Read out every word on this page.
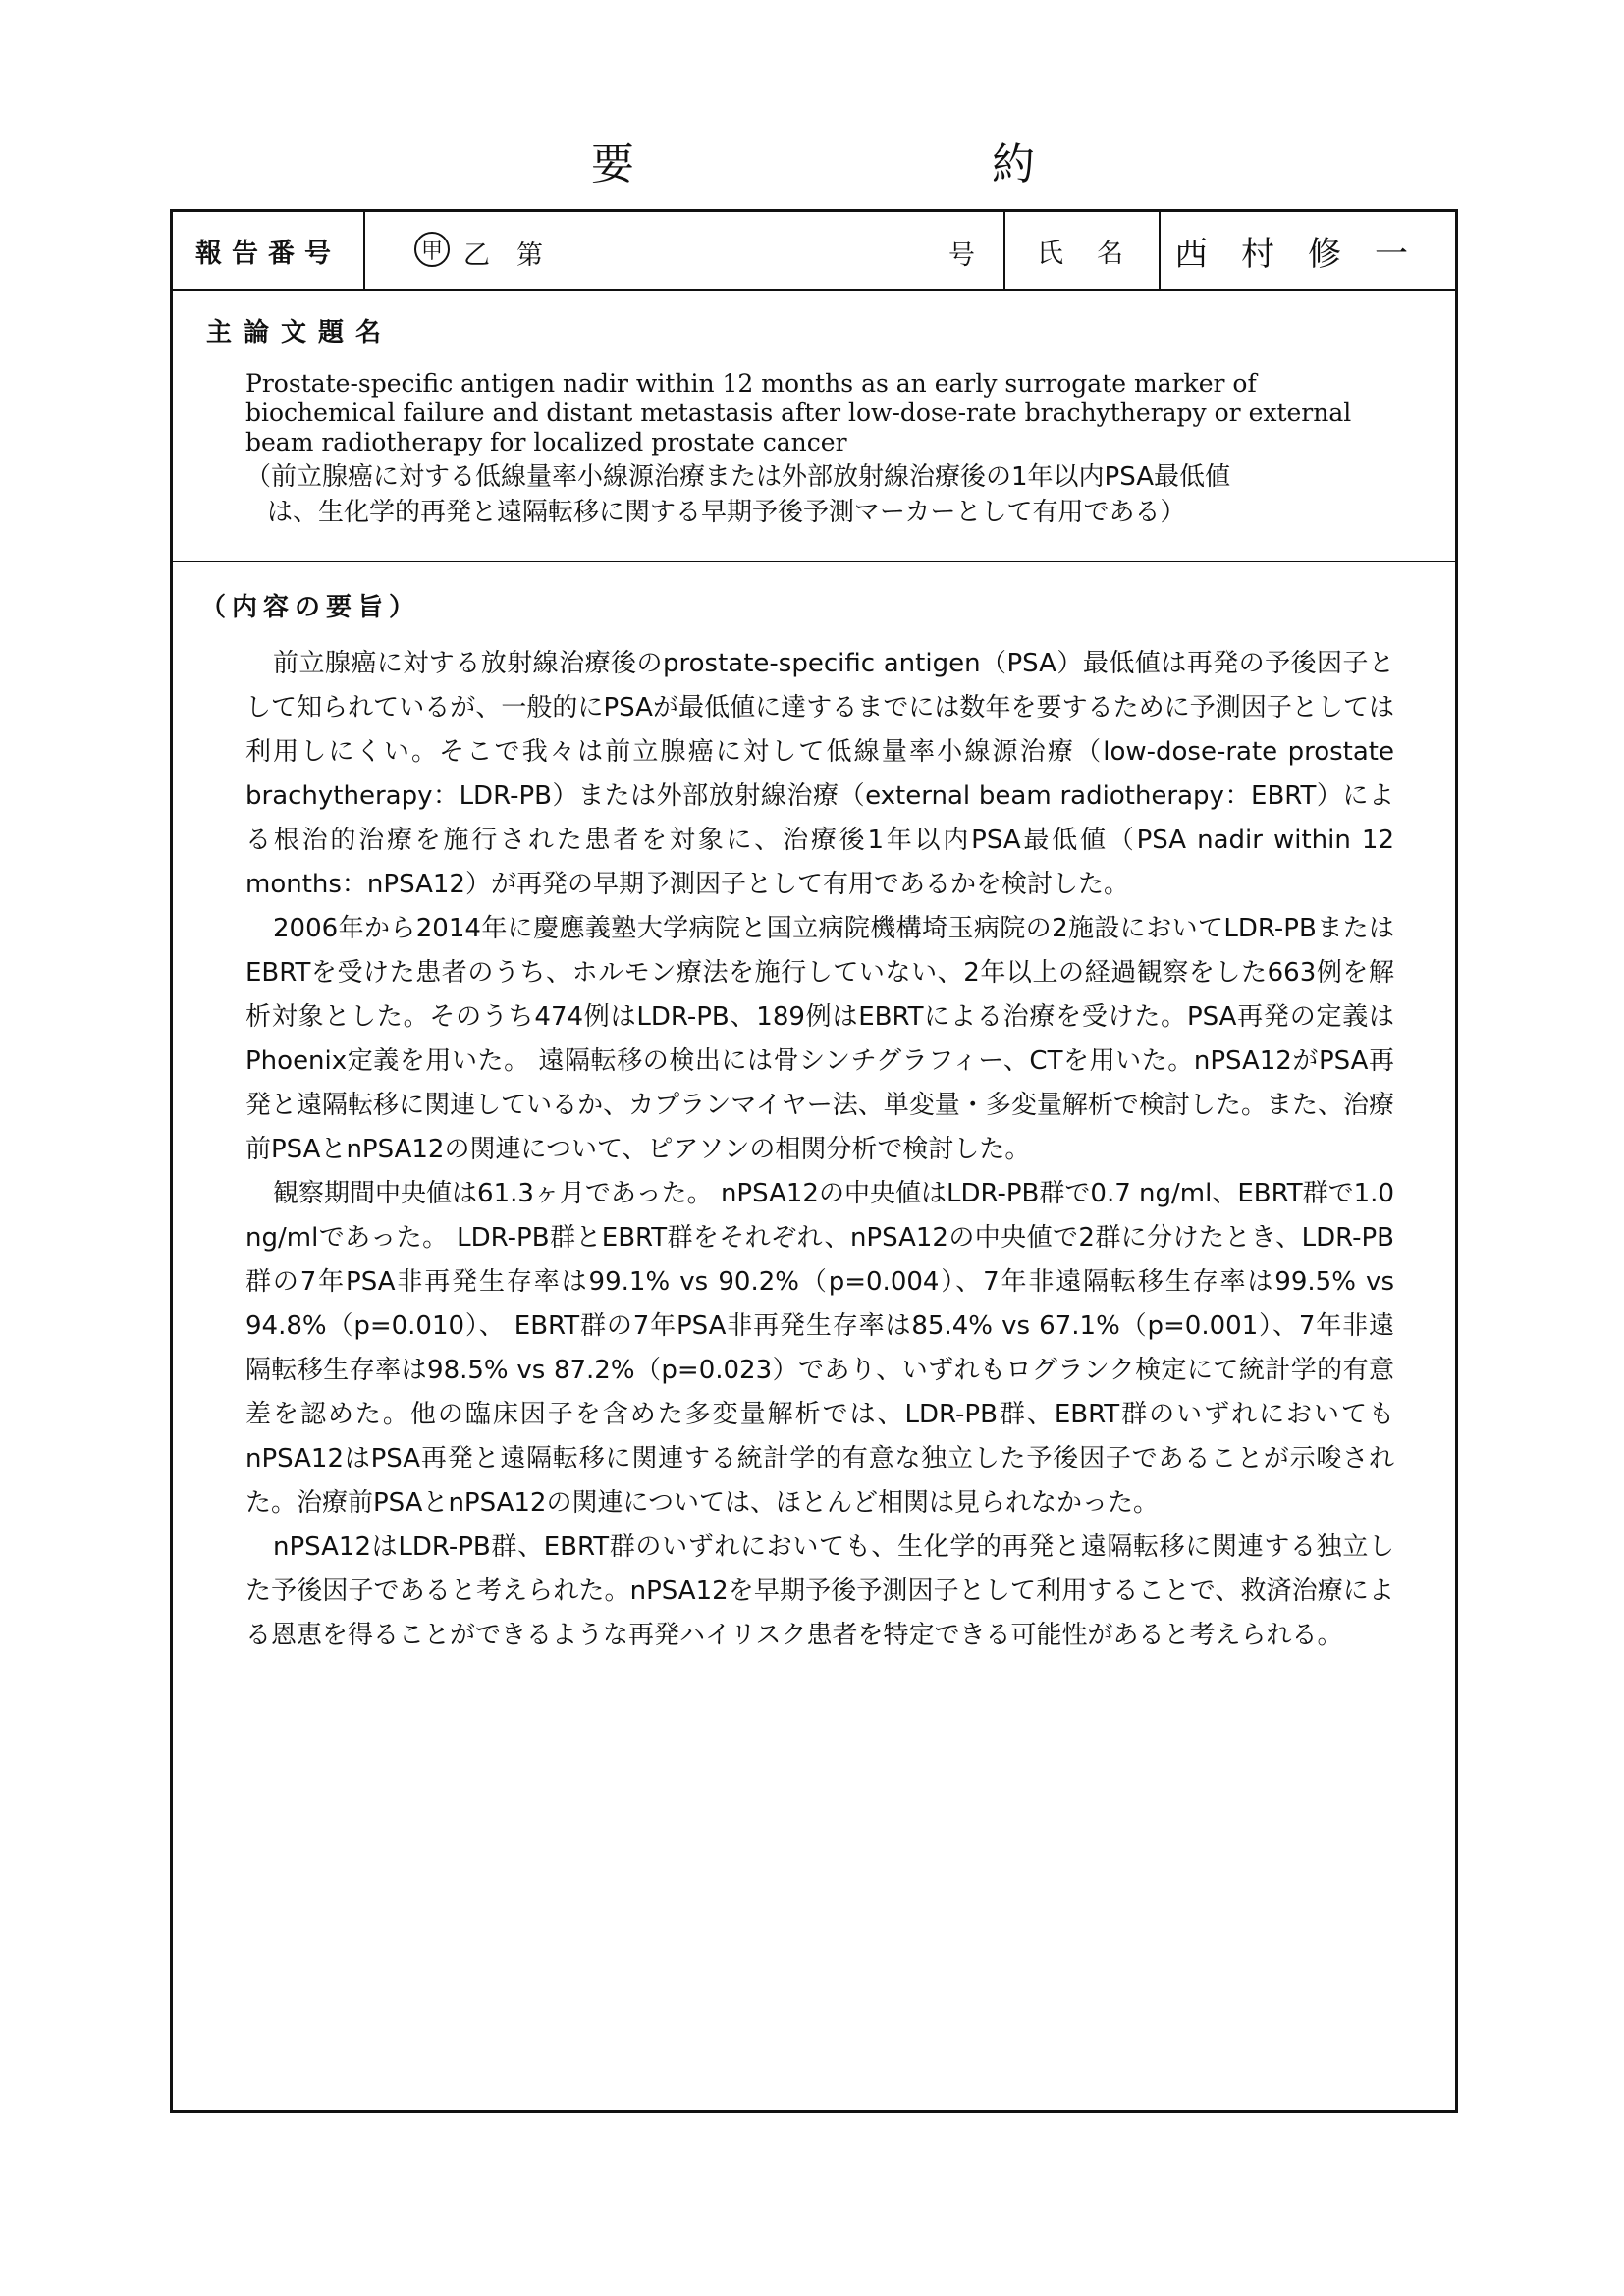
要	約
報告番号	甲 乙 第	号	氏名 西村修一
主論文題名
Prostate-specific antigen nadir within 12 months as an early surrogate marker of biochemical failure and distant metastasis after low-dose-rate brachytherapy or external beam radiotherapy for localized prostate cancer
（前立腺癌に対する低線量率小線源治療または外部放射線治療後の1年以内PSA最低値
は、生化学的再発と遠隔転移に関する早期予後予測マーカーとして有用である）
（内容の要旨）

前立腺癌に対する放射線治療後のprostate-specific antigen（PSA）最低値は再発の予後因子として知られているが、一般的にPSAが最低値に達するまでには数年を要するために予測因子としては利用しにくい。そこで我々は前立腺癌に対して低線量率小線源治療（low-dose-rate prostate brachytherapy：LDR-PB）または外部放射線治療（external beam radiotherapy：EBRT）による根治的治療を施行された患者を対象に、治療後1年以内PSA最低値（PSA nadir within 12 months：nPSA12）が再発の早期予測因子として有用であるかを検討した。

2006年から2014年に慶應義塾大学病院と国立病院機構埼玉病院の2施設においてLDR-PBまたはEBRTを受けた患者のうち、ホルモン療法を施行していない、2年以上の経過観察をした663例を解析対象とした。そのうち474例はLDR-PB、189例はEBRTによる治療を受けた。PSA再発の定義はPhoenix定義を用いた。 遠隔転移の検出には骨シンチグラフィー、CTを用いた。nPSA12がPSA再発と遠隔転移に関連しているか、カプランマイヤー法、単変量・多変量解析で検討した。また、治療前PSAとnPSA12の関連について、ピアソンの相関分析で検討した。

観察期間中央値は61.3ヶ月であった。 nPSA12の中央値はLDR-PB群で0.7 ng/ml、EBRT群で1.0 ng/mlであった。 LDR-PB群とEBRT群をそれぞれ、nPSA12の中央値で2群に分けたとき、LDR-PB群の7年PSA非再発生存率は99.1% vs 90.2%（p=0.004）、7年非遠隔転移生存率は99.5% vs 94.8%（p=0.010）、 EBRT群の7年PSA非再発生存率は85.4% vs 67.1%（p=0.001）、7年非遠隔転移生存率は98.5% vs 87.2%（p=0.023）であり、いずれもログランク検定にて統計学的有意差を認めた。他の臨床因子を含めた多変量解析では、LDR-PB群、EBRT群のいずれにおいてもnPSA12はPSA再発と遠隔転移に関連する統計学的有意な独立した予後因子であることが示唆された。治療前PSAとnPSA12の関連については、ほとんど相関は見られなかった。

nPSA12はLDR-PB群、EBRT群のいずれにおいても、生化学的再発と遠隔転移に関連する独立した予後因子であると考えられた。nPSA12を早期予後予測因子として利用することで、救済治療による恩恵を得ることができるような再発ハイリスク患者を特定できる可能性があると考えられる。
